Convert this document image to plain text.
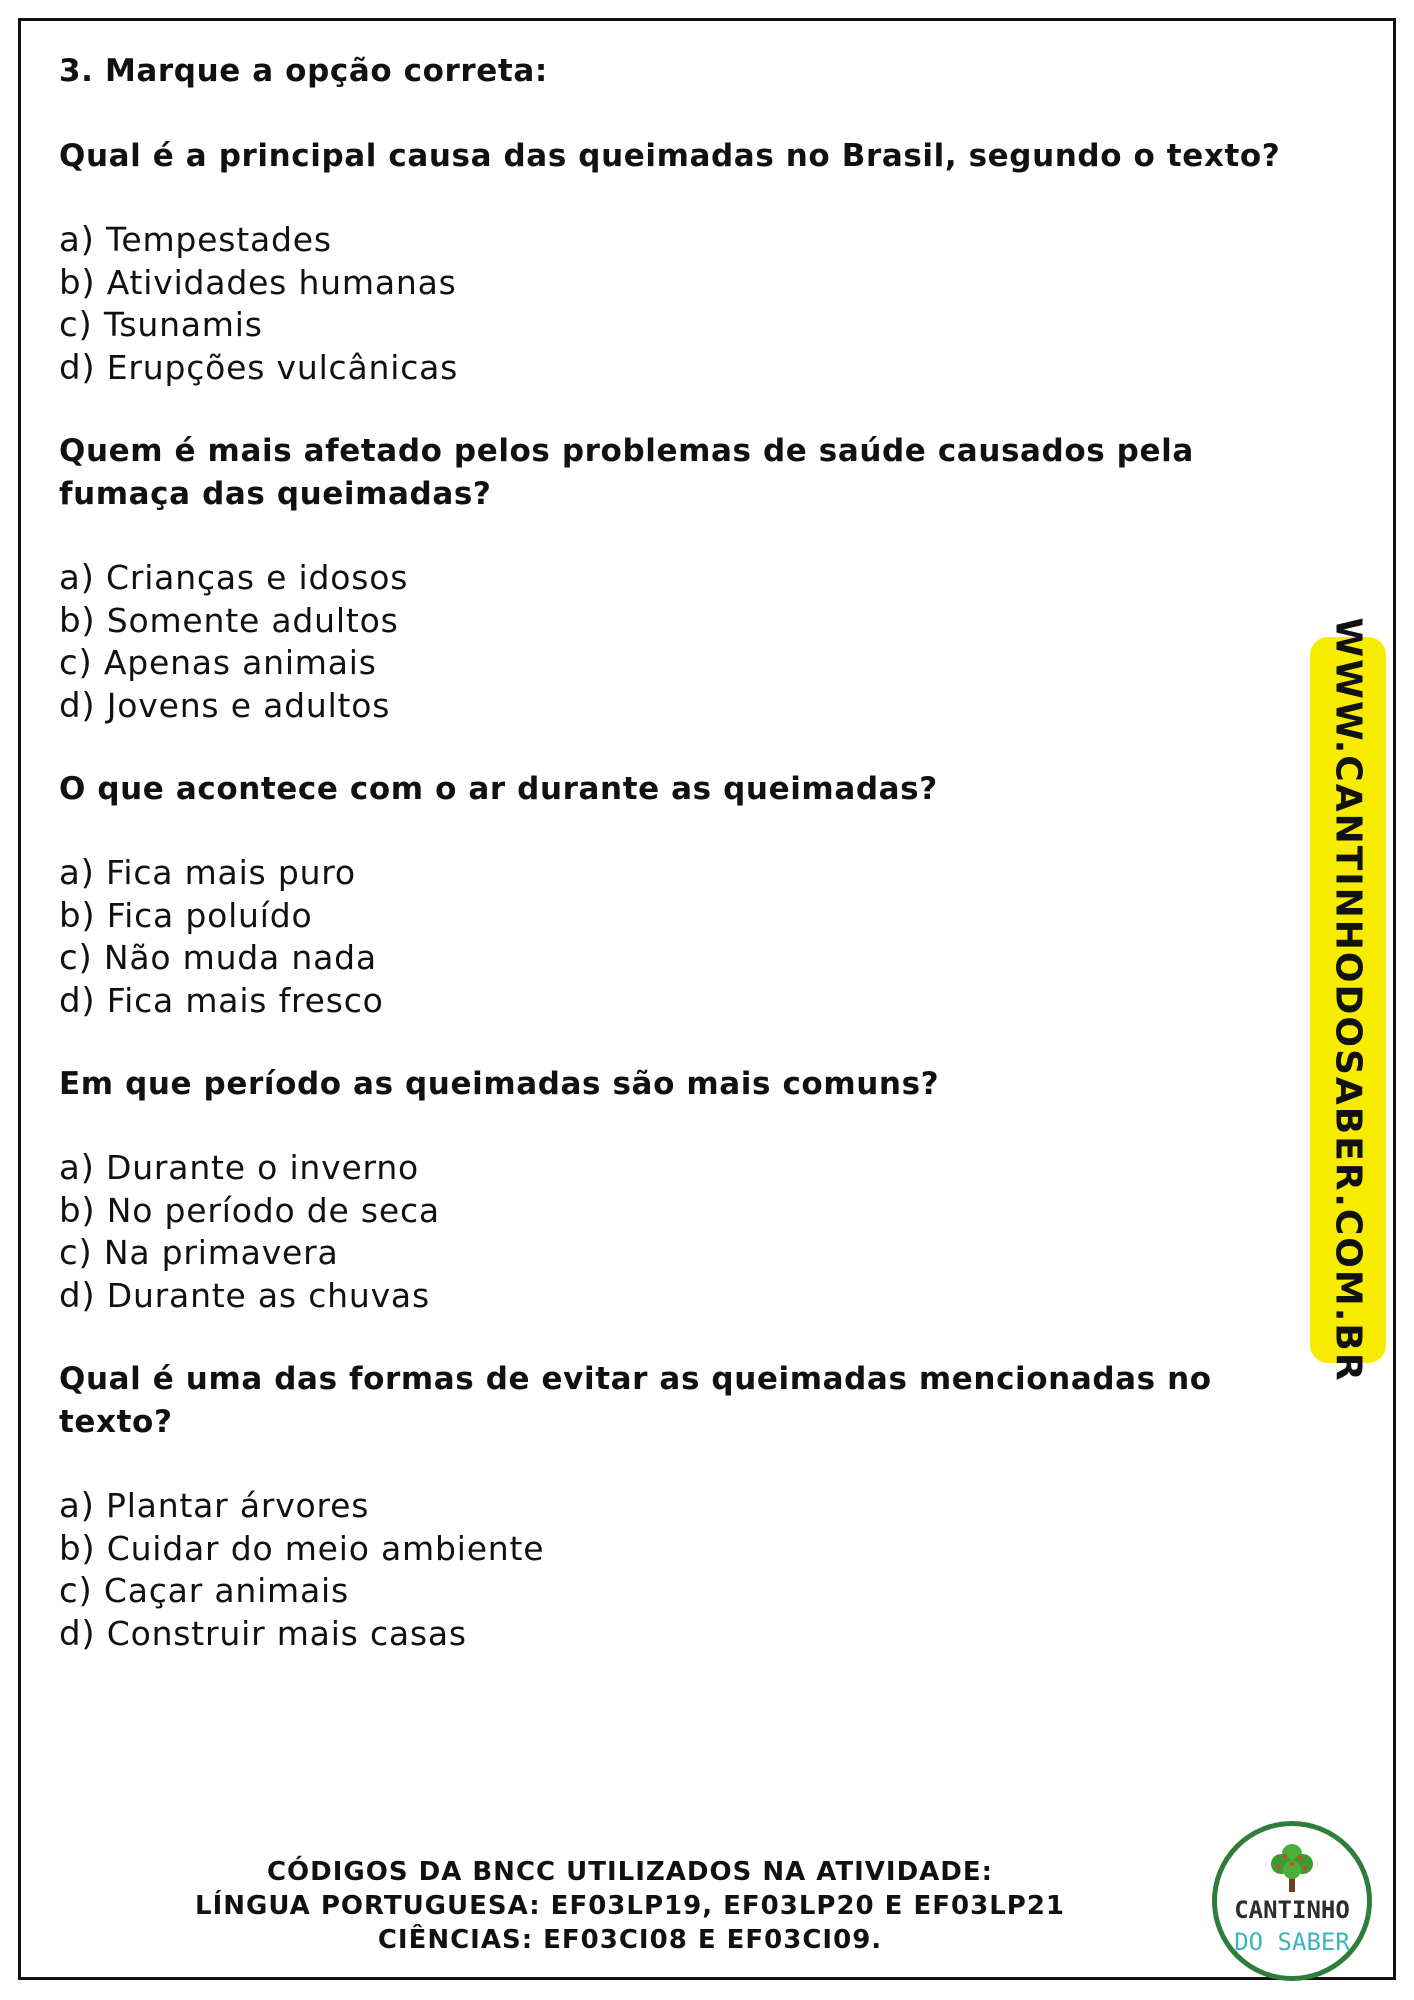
3. Marque a opção correta:

Qual é a principal causa das queimadas no Brasil, segundo o texto?

a) Tempestades
b) Atividades humanas
c) Tsunamis
d) Erupções vulcânicas

Quem é mais afetado pelos problemas de saúde causados pela fumaça das queimadas?

a) Crianças e idosos
b) Somente adultos
c) Apenas animais
d) Jovens e adultos

O que acontece com o ar durante as queimadas?

a) Fica mais puro
b) Fica poluído
c) Não muda nada
d) Fica mais fresco

Em que período as queimadas são mais comuns?

a) Durante o inverno
b) No período de seca
c) Na primavera
d) Durante as chuvas

Qual é uma das formas de evitar as queimadas mencionadas no texto?

a) Plantar árvores
b) Cuidar do meio ambiente
c) Caçar animais
d) Construir mais casas
WWW.CANTINHODOSABER.COM.BR
CÓDIGOS DA BNCC UTILIZADOS NA ATIVIDADE:
LÍNGUA PORTUGUESA: EF03LP19, EF03LP20 E EF03LP21
CIÊNCIAS: EF03CI08 E EF03CI09.
CANTINHO
DO SABER
